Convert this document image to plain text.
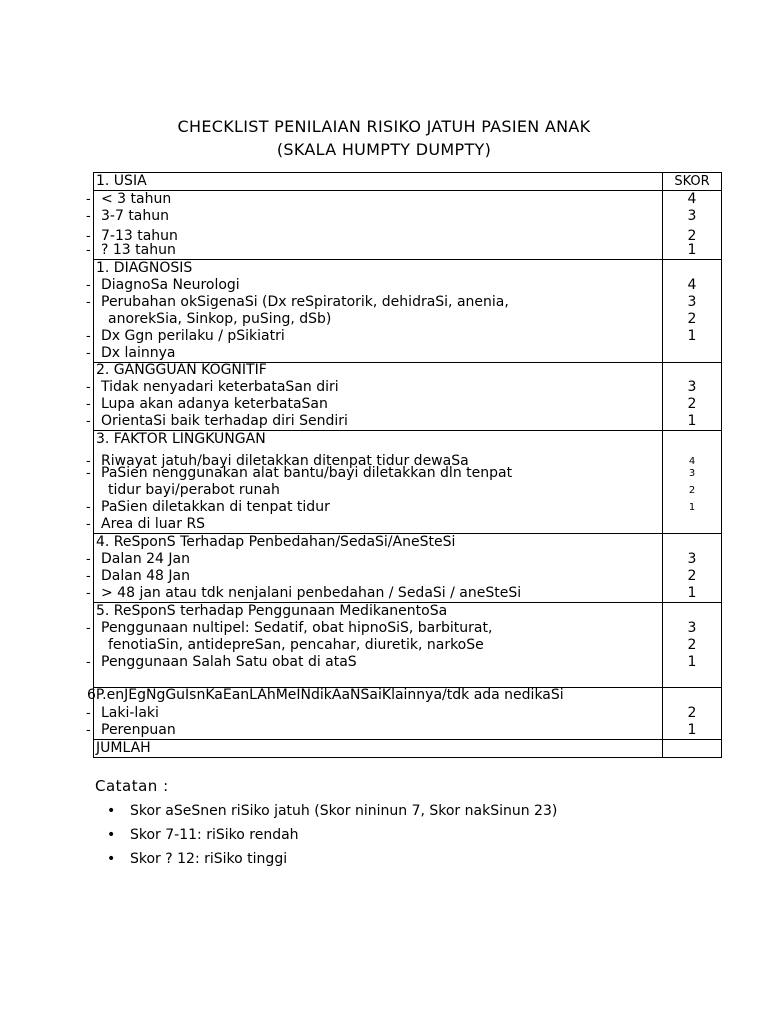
CHECKLIST PENILAIAN RISIKO JATUH PASIEN ANAK
(SKALA HUMPTY DUMPTY)
1. USIA	SKOR
- < 3 tahun	4
- 3-7 tahun	3
- 7-13 tahun	2
- ? 13 tahun	1
1. DIAGNOSIS
- DiagnoSa Neurologi	4
- Perubahan okSigenaSi (Dx reSpiratorik, dehidraSi, anenia,	3
anorekSia, Sinkop, puSing, dSb)	2
- Dx Ggn perilaku / pSikiatri	1
- Dx lainnya
2. GANGGUAN KOGNITIF
- Tidak nenyadari keterbataSan diri	3
- Lupa akan adanya keterbataSan	2
- OrientaSi baik terhadap diri Sendiri	1
3. FAKTOR LINGKUNGAN
- Riwayat jatuh/bayi diletakkan ditenpat tidur dewaSa	4
- PaSien nenggunakan alat bantu/bayi diletakkan dln tenpat	3
tidur bayi/perabot runah	2
- PaSien diletakkan di tenpat tidur	1
- Area di luar RS
4. ReSponS Terhadap Penbedahan/SedaSi/AneSteSi
- Dalan 24 Jan	3
- Dalan 48 Jan	2
- > 48 jan atau tdk nenjalani penbedahan / SedaSi / aneSteSi	1
5. ReSponS terhadap Penggunaan MedikanentoSa
- Penggunaan nultipel: Sedatif, obat hipnoSiS, barbiturat,	3
fenotiaSin, antidepreSan, pencahar, diuretik, narkoSe	2
- Penggunaan Salah Satu obat di ataS	1
6P.enJEgNgGuIsnKaEanLAhMeINdikAaNSaiKlainnya/tdk ada nedikaSi
- Laki-laki	2
- Perenpuan	1
JUMLAH
Catatan :
• Skor aSeSnen riSiko jatuh (Skor nininun 7, Skor nakSinun 23)
• Skor 7-11: riSiko rendah
• Skor ? 12: riSiko tinggi
